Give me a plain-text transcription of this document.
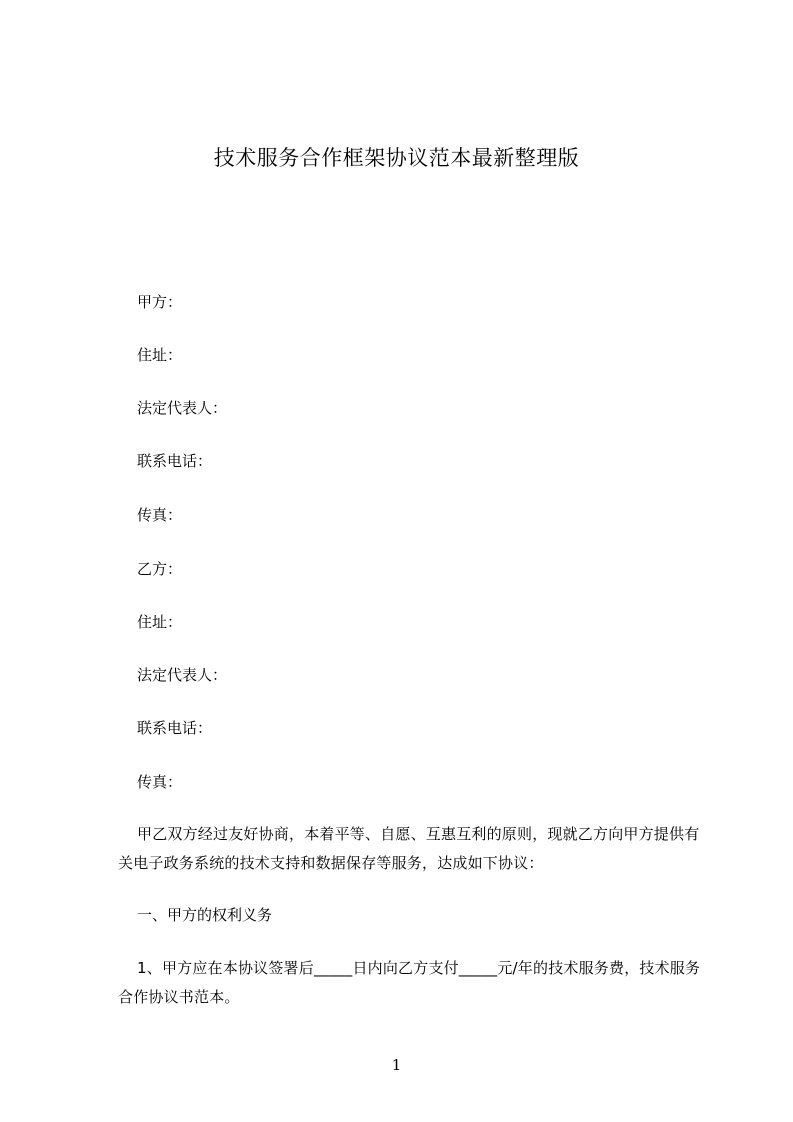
技术服务合作框架协议范本最新整理版
甲方：
住址：
法定代表人：
联系电话：
传真：
乙方：
住址：
法定代表人：
联系电话：
传真：
甲乙双方经过友好协商，本着平等、自愿、互惠互利的原则，现就乙方向甲方提供有关电子政务系统的技术支持和数据保存等服务，达成如下协议：
一、甲方的权利义务
1、甲方应在本协议签署后_____日内向乙方支付_____元/年的技术服务费，技术服务合作协议书范本。
1
